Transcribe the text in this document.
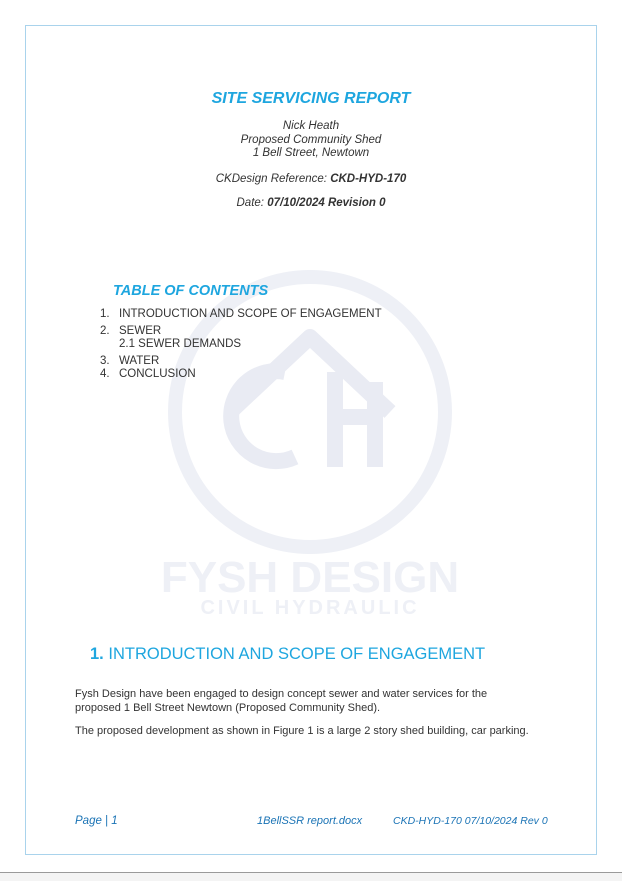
FYSH DESIGN
CIVIL HYDRAULIC
SITE SERVICING REPORT
Nick Heath
Proposed Community Shed
1 Bell Street, Newtown
CKDesign Reference: CKD-HYD-170
Date: 07/10/2024 Revision 0
TABLE OF CONTENTS
1. INTRODUCTION AND SCOPE OF ENGAGEMENT
2. SEWER
2.1 SEWER DEMANDS
3. WATER
4. CONCLUSION
1. INTRODUCTION AND SCOPE OF ENGAGEMENT
Fysh Design have been engaged to design concept sewer and water services for the proposed 1 Bell Street Newtown (Proposed Community Shed).
The proposed development as shown in Figure 1 is a large 2 story shed building, car parking.
Page | 1	1BellSSR report.docx	CKD-HYD-170 07/10/2024 Rev 0
